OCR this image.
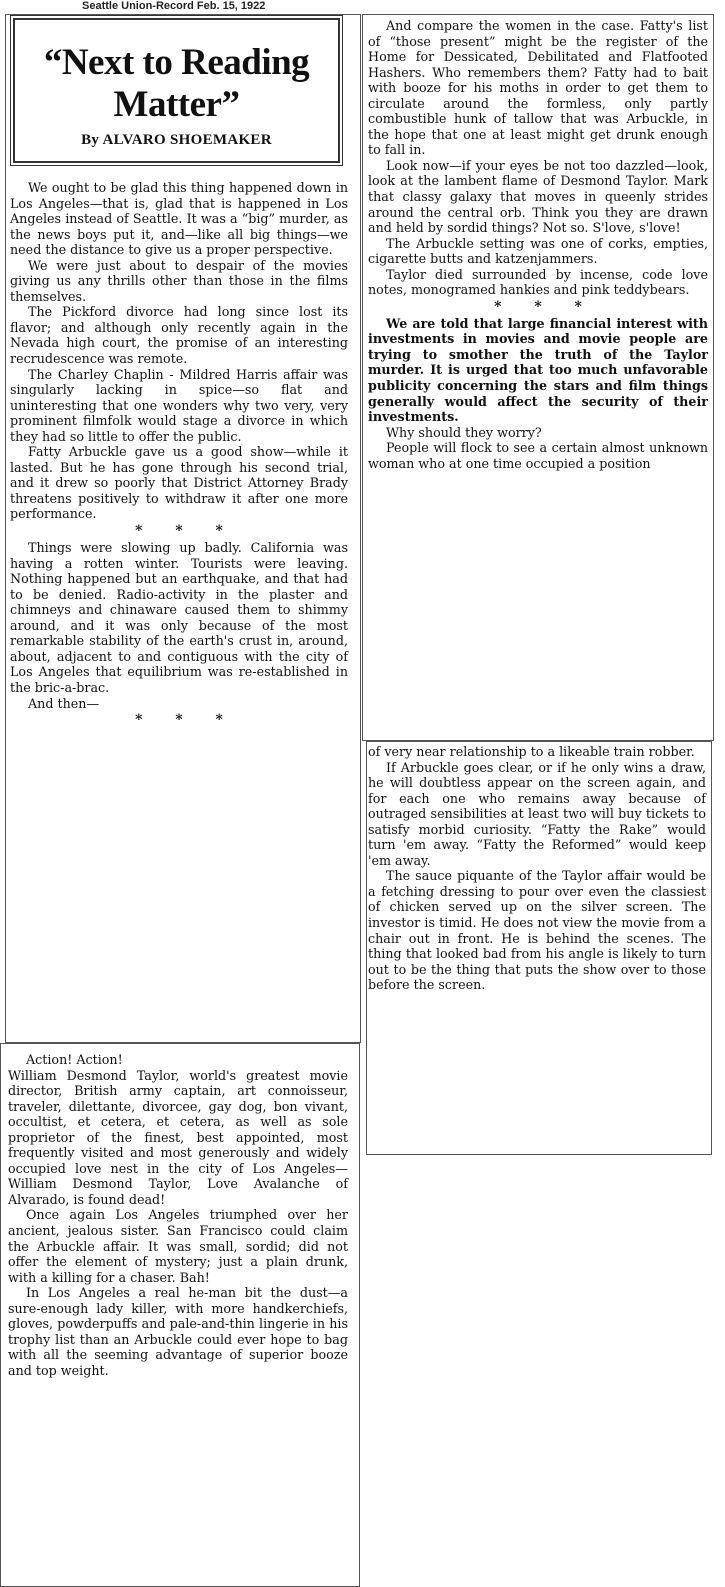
Seattle Union-Record Feb. 15, 1922
“Next to Reading
Matter”
By ALVARO SHOEMAKER

We ought to be glad this thing happened down in Los Angeles—that is, glad that is happened in Los Angeles instead of Seattle. It was a “big” murder, as the news boys put it, and—like all big things—we need the distance to give us a proper perspective.

We were just about to despair of the movies giving us any thrills other than those in the films themselves.

The Pickford divorce had long since lost its flavor; and although only recently again in the Nevada high court, the promise of an interesting recrudescence was remote.

The Charley Chaplin - Mildred Harris affair was singularly lacking in spice—so flat and uninteresting that one wonders why two very, very prominent filmfolk would stage a divorce in which they had so little to offer the public.

Fatty Arbuckle gave us a good show—while it lasted. But he has gone through his second trial, and it drew so poorly that District Attorney Brady threatens positively to withdraw it after one more performance.

* * *

Things were slowing up badly. California was having a rotten winter. Tourists were leaving. Nothing happened but an earthquake, and that had to be denied. Radio-activity in the plaster and chimneys and chinaware caused them to shimmy around, and it was only because of the most remarkable stability of the earth's crust in, around, about, adjacent to and contiguous with the city of Los Angeles that equilibrium was re-established in the bric-a-brac.

And then—

* * *

Action! Action!

William Desmond Taylor, world's greatest movie director, British army captain, art connoisseur, traveler, dilettante, divorcee, gay dog, bon vivant, occultist, et cetera, et cetera, as well as sole proprietor of the finest, best appointed, most frequently visited and most generously and widely occupied love nest in the city of Los Angeles—William Desmond Taylor, Love Avalanche of Alvarado, is found dead!

Once again Los Angeles triumphed over her ancient, jealous sister. San Francisco could claim the Arbuckle affair. It was small, sordid; did not offer the element of mystery; just a plain drunk, with a killing for a chaser. Bah!

In Los Angeles a real he-man bit the dust—a sure-enough lady killer, with more handkerchiefs, gloves, powderpuffs and pale-and-thin lingerie in his trophy list than an Arbuckle could ever hope to bag with all the seeming advantage of superior booze and top weight.

And compare the women in the case. Fatty's list of “those present” might be the register of the Home for Dessicated, Debilitated and Flatfooted Hashers. Who remembers them? Fatty had to bait with booze for his moths in order to get them to circulate around the formless, only partly combustible hunk of tallow that was Arbuckle, in the hope that one at least might get drunk enough to fall in.

Look now—if your eyes be not too dazzled—look, look at the lambent flame of Desmond Taylor. Mark that classy galaxy that moves in queenly strides around the central orb. Think you they are drawn and held by sordid things? Not so. S'love, s'love!

The Arbuckle setting was one of corks, empties, cigarette butts and katzenjammers.

Taylor died surrounded by incense, code love notes, monogramed hankies and pink teddybears.

* * *

We are told that large financial interest with investments in movies and movie people are trying to smother the truth of the Taylor murder. It is urged that too much unfavorable publicity concerning the stars and film things generally would affect the security of their investments.

Why should they worry?

People will flock to see a certain almost unknown woman who at one time occupied a position

of very near relationship to a likeable train robber.

If Arbuckle goes clear, or if he only wins a draw, he will doubtless appear on the screen again, and for each one who remains away because of outraged sensibilities at least two will buy tickets to satisfy morbid curiosity. “Fatty the Rake” would turn 'em away. “Fatty the Reformed” would keep 'em away.

The sauce piquante of the Taylor affair would be a fetching dressing to pour over even the classiest of chicken served up on the silver screen. The investor is timid. He does not view the movie from a chair out in front. He is behind the scenes. The thing that looked bad from his angle is likely to turn out to be the thing that puts the show over to those before the screen.
